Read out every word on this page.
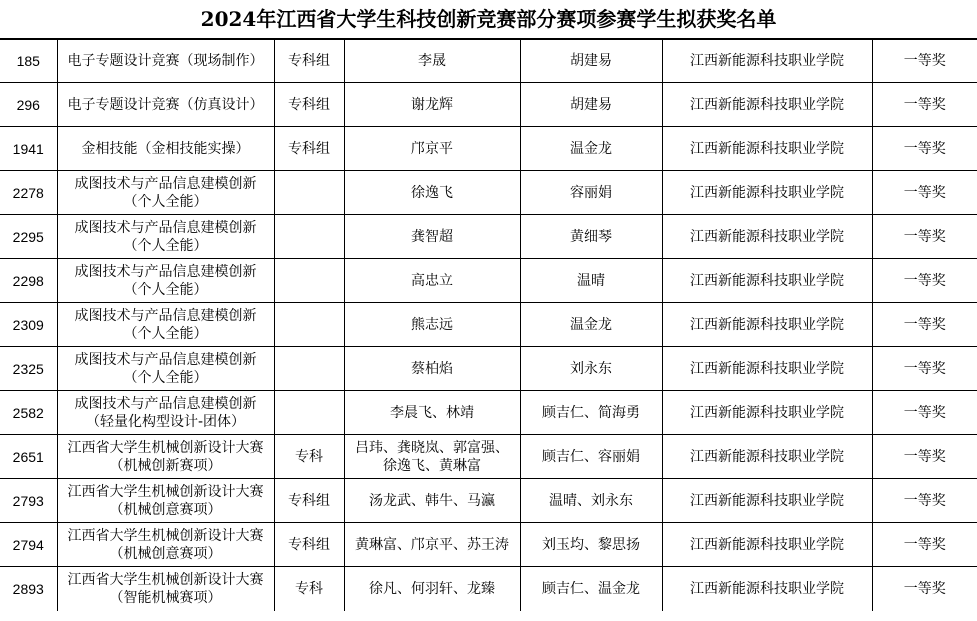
2024年江西省大学生科技创新竞赛部分赛项参赛学生拟获奖名单
185	电子专题设计竞赛（现场制作）	专科组	李晟	胡建易	江西新能源科技职业学院	一等奖

296	电子专题设计竞赛（仿真设计）	专科组	谢龙辉	胡建易	江西新能源科技职业学院	一等奖

1941	金相技能（金相技能实操）	专科组	邝京平	温金龙	江西新能源科技职业学院	一等奖

2278	成图技术与产品信息建模创新
（个人全能）		徐逸飞	容丽娟	江西新能源科技职业学院	一等奖

2295	成图技术与产品信息建模创新
（个人全能）		龚智超	黄细琴	江西新能源科技职业学院	一等奖

2298	成图技术与产品信息建模创新
（个人全能）		高忠立	温晴	江西新能源科技职业学院	一等奖

2309	成图技术与产品信息建模创新
（个人全能）		熊志远	温金龙	江西新能源科技职业学院	一等奖

2325	成图技术与产品信息建模创新
（个人全能）		蔡柏焰	刘永东	江西新能源科技职业学院	一等奖

2582	成图技术与产品信息建模创新
（轻量化构型设计-团体）		李晨飞、林靖	顾吉仁、简海勇	江西新能源科技职业学院	一等奖

2651	江西省大学生机械创新设计大赛
（机械创新赛项）	专科	吕玮、龚晓岚、郭富强、
徐逸飞、黄琳富	顾吉仁、容丽娟	江西新能源科技职业学院	一等奖

2793	江西省大学生机械创新设计大赛
（机械创意赛项）	专科组	汤龙武、韩牛、马瀛	温晴、刘永东	江西新能源科技职业学院	一等奖

2794	江西省大学生机械创新设计大赛
（机械创意赛项）	专科组	黄琳富、邝京平、苏王涛	刘玉均、黎思扬	江西新能源科技职业学院	一等奖

2893	江西省大学生机械创新设计大赛
（智能机械赛项）	专科	徐凡、何羽轩、龙臻	顾吉仁、温金龙	江西新能源科技职业学院	一等奖
